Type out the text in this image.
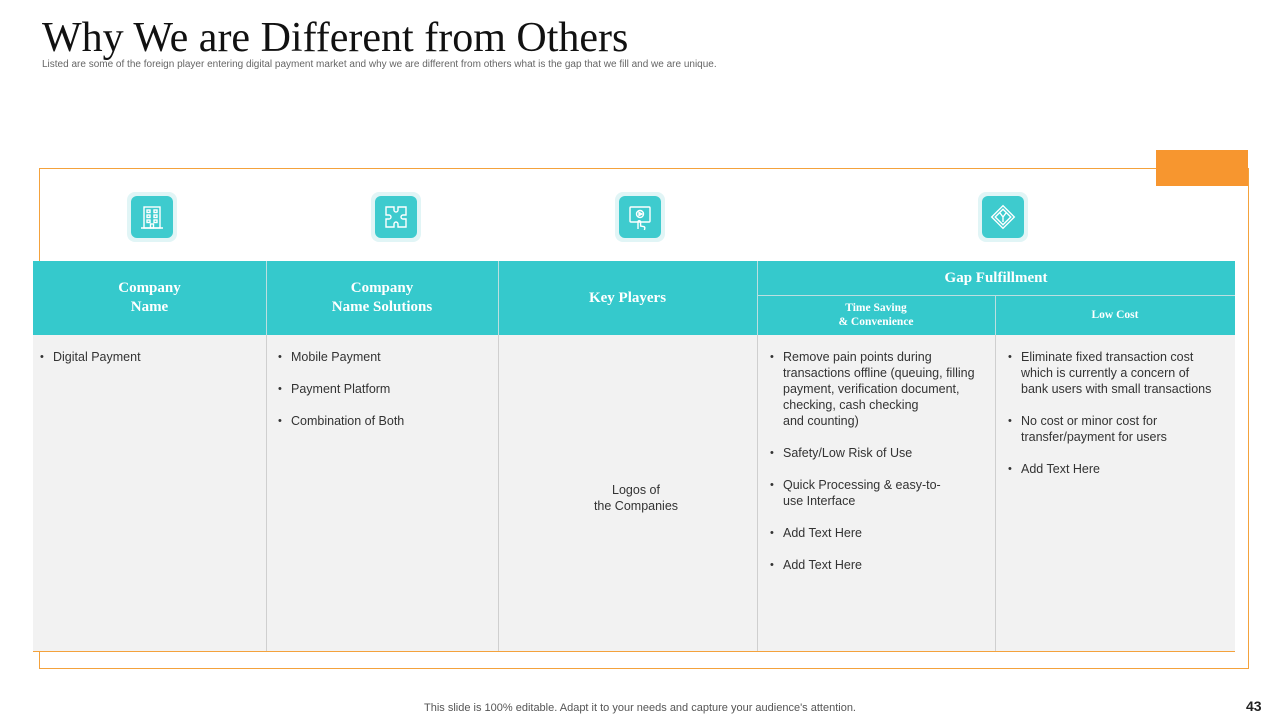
Why We are Different from Others
Listed are some of the foreign player entering digital payment market and why we are different from others what is the gap that we fill and we are unique.
Company
Name
Company
Name Solutions
Key Players
Gap Fulfillment
Time Saving
& Convenience
Low Cost
• Digital Payment
•	Mobile Payment
• Payment Platform
• Combination of Both
Logos of
the Companies
• Remove pain points during
transactions offline (queuing, filling
payment, verification document,
checking, cash checking
and counting)
• Safety/Low Risk of Use
• Quick Processing & easy-to-
use Interface
• Add Text Here
• Add Text Here
• Eliminate fixed transaction cost
which is currently a concern of
bank users with small transactions
• No cost or minor cost for
transfer/payment for users
• Add Text Here
This slide is 100% editable. Adapt it to your needs and capture your audience's attention.	43
